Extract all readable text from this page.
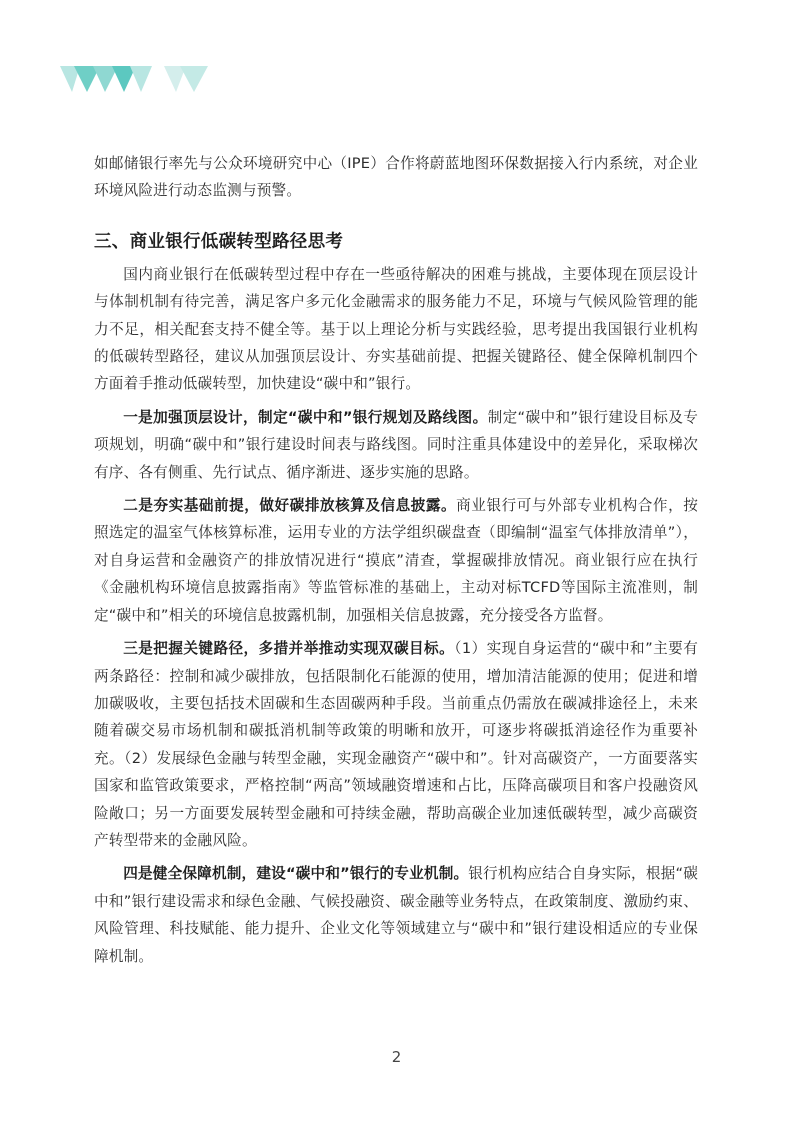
如邮储银行率先与公众环境研究中心（IPE）合作将蔚蓝地图环保数据接入行内系统，对企业环境风险进行动态监测与预警。

三、商业银行低碳转型路径思考

国内商业银行在低碳转型过程中存在一些亟待解决的困难与挑战，主要体现在顶层设计与体制机制有待完善，满足客户多元化金融需求的服务能力不足，环境与气候风险管理的能力不足，相关配套支持不健全等。基于以上理论分析与实践经验，思考提出我国银行业机构的低碳转型路径，建议从加强顶层设计、夯实基础前提、把握关键路径、健全保障机制四个方面着手推动低碳转型，加快建设“碳中和”银行。

一是加强顶层设计，制定“碳中和”银行规划及路线图。制定“碳中和”银行建设目标及专项规划，明确“碳中和”银行建设时间表与路线图。同时注重具体建设中的差异化，采取梯次有序、各有侧重、先行试点、循序渐进、逐步实施的思路。

二是夯实基础前提，做好碳排放核算及信息披露。商业银行可与外部专业机构合作，按照选定的温室气体核算标准，运用专业的方法学组织碳盘查（即编制“温室气体排放清单”），对自身运营和金融资产的排放情况进行“摸底”清查，掌握碳排放情况。商业银行应在执行《金融机构环境信息披露指南》等监管标准的基础上，主动对标TCFD等国际主流准则，制定“碳中和”相关的环境信息披露机制，加强相关信息披露，充分接受各方监督。

三是把握关键路径，多措并举推动实现双碳目标。（1）实现自身运营的“碳中和”主要有两条路径：控制和减少碳排放，包括限制化石能源的使用，增加清洁能源的使用；促进和增加碳吸收，主要包括技术固碳和生态固碳两种手段。当前重点仍需放在碳减排途径上，未来随着碳交易市场机制和碳抵消机制等政策的明晰和放开，可逐步将碳抵消途径作为重要补充。（2）发展绿色金融与转型金融，实现金融资产“碳中和”。针对高碳资产，一方面要落实国家和监管政策要求，严格控制“两高”领域融资增速和占比，压降高碳项目和客户投融资风险敞口；另一方面要发展转型金融和可持续金融，帮助高碳企业加速低碳转型，减少高碳资产转型带来的金融风险。

四是健全保障机制，建设“碳中和”银行的专业机制。银行机构应结合自身实际，根据“碳中和”银行建设需求和绿色金融、气候投融资、碳金融等业务特点，在政策制度、激励约束、风险管理、科技赋能、能力提升、企业文化等领域建立与“碳中和”银行建设相适应的专业保障机制。

2
